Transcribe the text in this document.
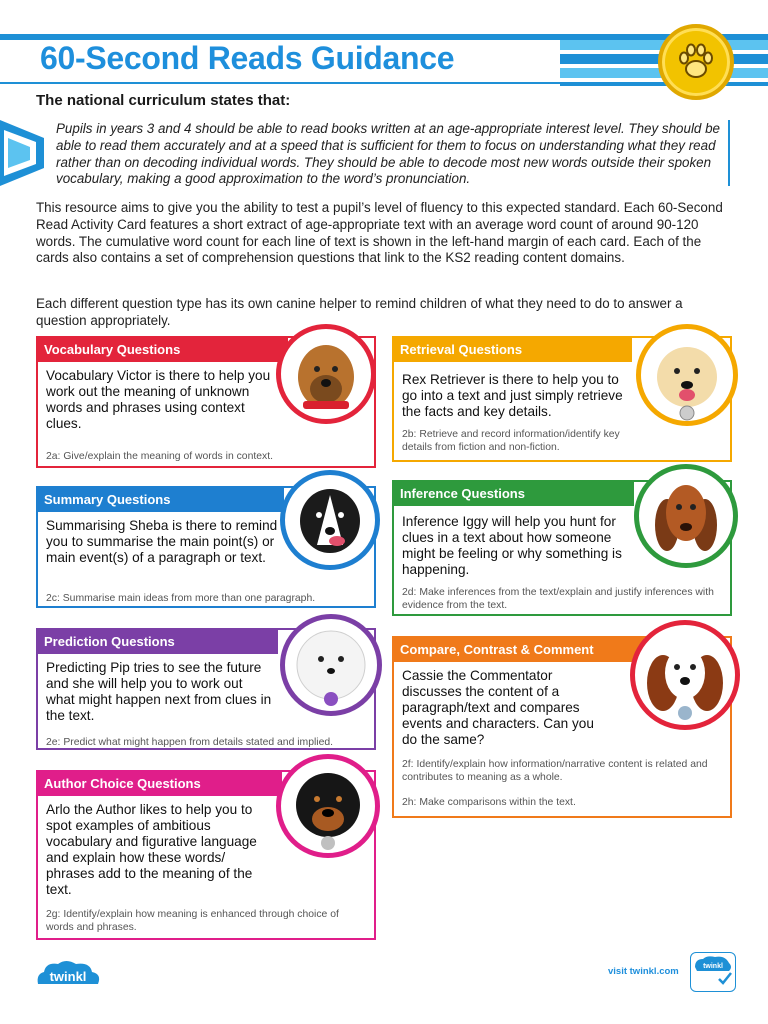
60-Second Reads Guidance
The national curriculum states that:

Pupils in years 3 and 4 should be able to read books written at an age-appropriate interest level. They should be able to read them accurately and at a speed that is sufficient for them to focus on understanding what they read rather than on decoding individual words. They should be able to decode most new words outside their spoken vocabulary, making a good approximation to the word’s pronunciation.

This resource aims to give you the ability to test a pupil’s level of fluency to this expected standard. Each 60-Second Read Activity Card features a short extract of age-appropriate text with an average word count of around 90-120 words. The cumulative word count for each line of text is shown in the left-hand margin of each card. Each of the cards also contains a set of comprehension questions that link to the KS2 reading content domains.

Each different question type has its own canine helper to remind children of what they need to do to answer a question appropriately.

Vocabulary Questions
Vocabulary Victor is there to help you work out the meaning of unknown words and phrases using context clues.
2a: Give/explain the meaning of words in context.
Retrieval Questions
Rex Retriever is there to help you to go into a text and just simply retrieve the facts and key details.
2b: Retrieve and record information/identify key details from fiction and non-fiction.
Summary Questions
Summarising Sheba is there to remind you to summarise the main point(s) or main event(s) of a paragraph or text.
2c: Summarise main ideas from more than one paragraph.
Inference Questions
Inference Iggy will help you hunt for clues in a text about how someone might be feeling or why something is happening.
2d: Make inferences from the text/explain and justify inferences with evidence from the text.
Prediction Questions
Predicting Pip tries to see the future and she will help you to work out what might happen next from clues in the text.
2e: Predict what might happen from details stated and implied.
Compare, Contrast & Comment
Cassie the Commentator discusses the content of a paragraph/text and compares events and characters. Can you do the same?
2f: Identify/explain how information/narrative content is related and contributes to meaning as a whole.
2h: Make comparisons within the text.
Author Choice Questions
Arlo the Author likes to help you to spot examples of ambitious vocabulary and figurative language and explain how these words/ phrases add to the meaning of the text.
2g: Identify/explain how meaning is enhanced through choice of words and phrases.
twinkl	visit twinkl.com	twinkl
